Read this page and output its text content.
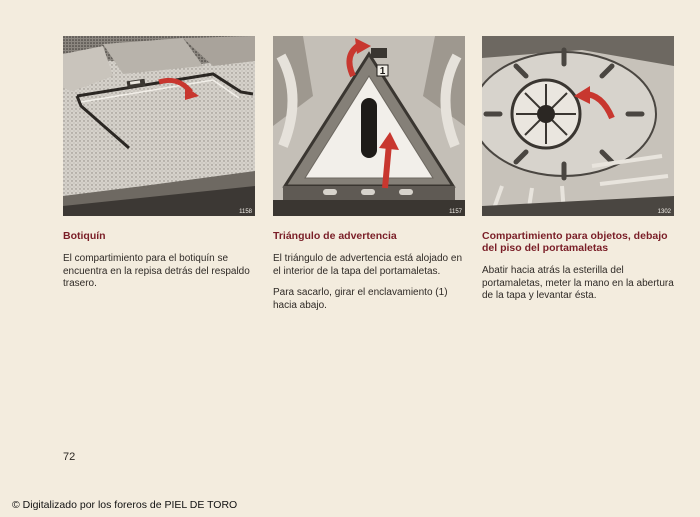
1158
1
1157	1302

Botiquín

El compartimiento para el botiquín se encuentra en la repisa detrás del respaldo trasero.

Triángulo de advertencia

El triángulo de advertencia está alojado en el interior de la tapa del portamaletas.

Para sacarlo, girar el enclavamiento (1) hacia abajo.

Compartimiento para objetos, debajo del piso del portamaletas

Abatir hacia atrás la esterilla del portamaletas, meter la mano en la abertura de la tapa y levantar ésta.

72
© Digitalizado por los foreros de PIEL DE TORO
